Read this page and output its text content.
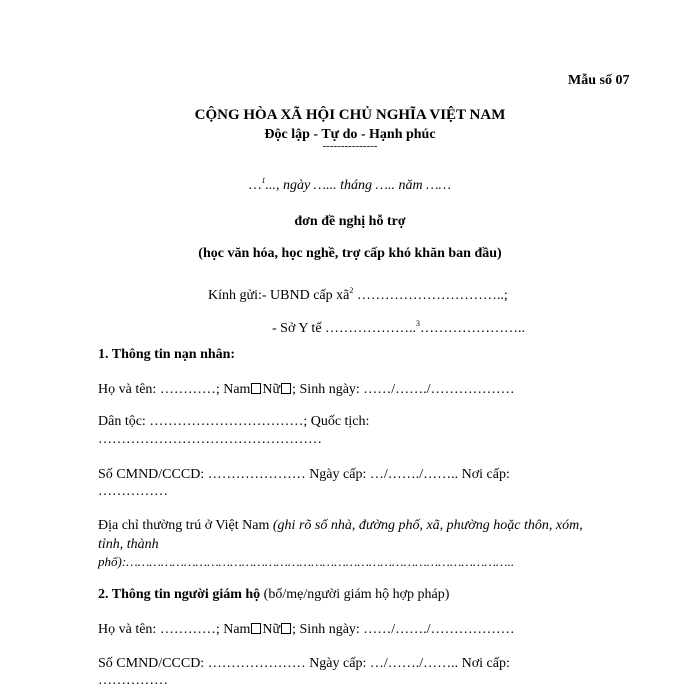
Mẫu số 07
CỘNG HÒA XÃ HỘI CHỦ NGHĨA VIỆT NAM
Độc lập - Tự do - Hạnh phúc
---------------
…$^1$..., ngày …... tháng ….. năm ……
đơn đề nghị hỗ trợ
(học văn hóa, học nghề, trợ cấp khó khăn ban đầu)
Kính gửi:- UBND cấp $xã^2$ …………………………..;
- Sở Y tế ………………..$^3$…………………..
1. Thông tin nạn nhân:
Họ và tên: …………; Nam Nữ ; Sinh ngày: ……/……./………………
Dân tộc: ……………………………; Quốc tịch:
…………………………………………
Số CMND/CCCD: ………………… Ngày cấp: …/……./…….. Nơi cấp:
……………
Địa chỉ thường trú ở Việt Nam (ghi rõ số nhà, đường phố, xã, phường hoặc thôn, xóm,
tỉnh, thành
phố):………………………………………………………………………………………..
2. Thông tin người giám hộ (bố/mẹ/người giám hộ hợp pháp)
Họ và tên: …………; Nam Nữ ; Sinh ngày: ……/……./………………
Số CMND/CCCD: ………………… Ngày cấp: …/……./…….. Nơi cấp:
……………
